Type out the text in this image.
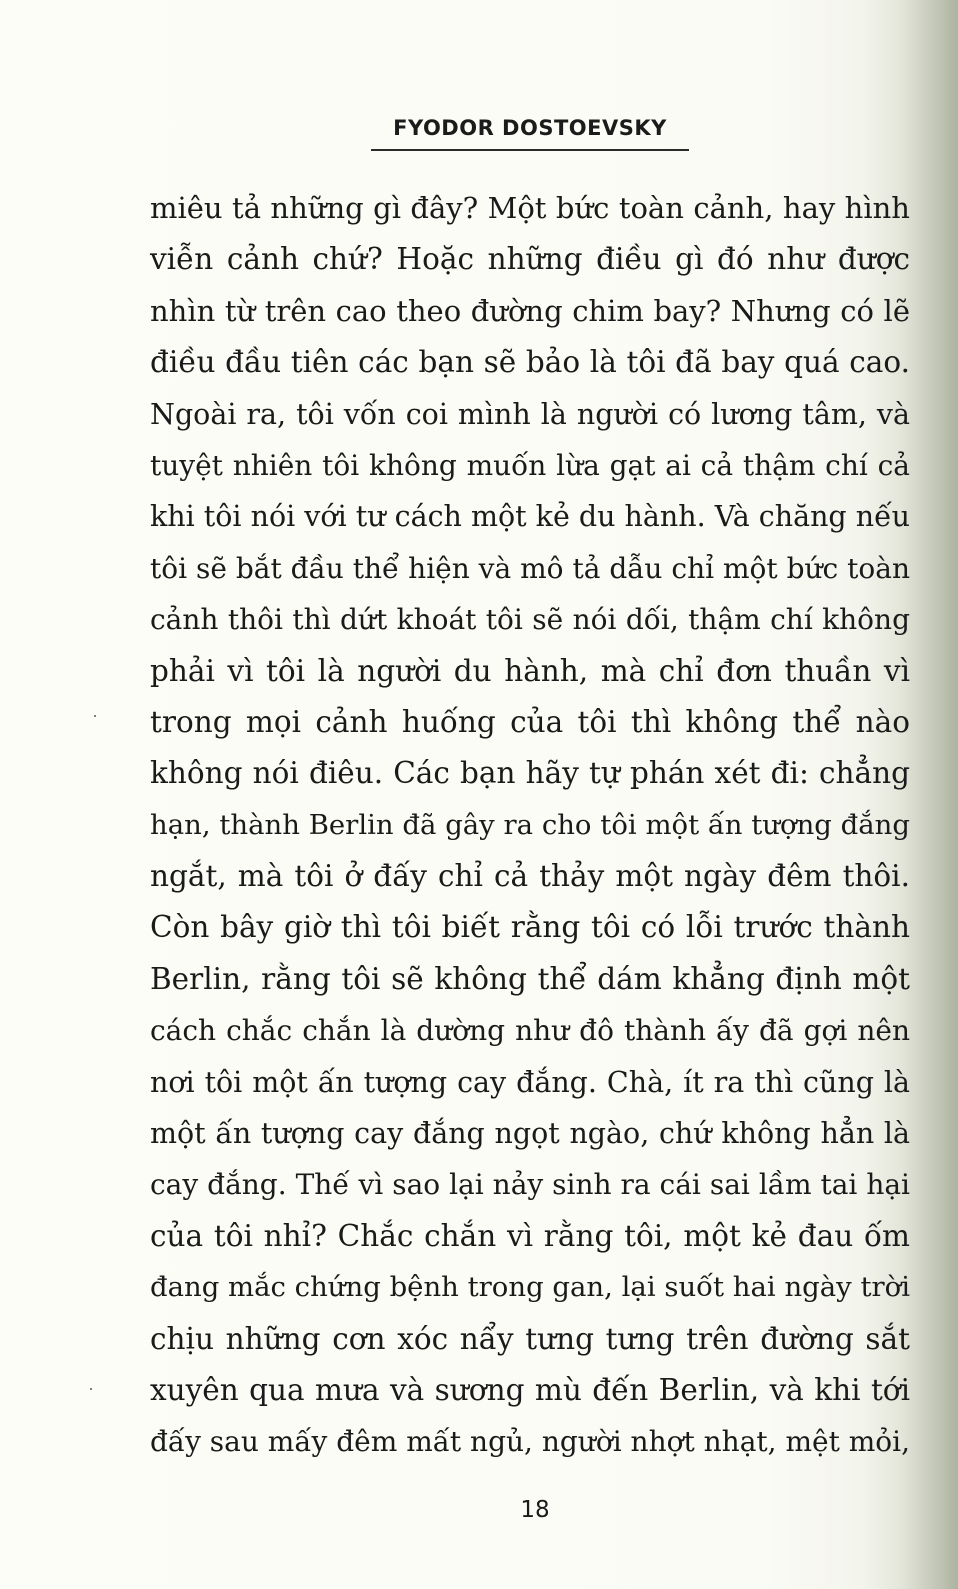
FYODOR DOSTOEVSKY
miêu tả những gì đây? Một bức toàn cảnh, hay hình
viễn cảnh chứ? Hoặc những điều gì đó như được
nhìn từ trên cao theo đường chim bay? Nhưng có lẽ
điều đầu tiên các bạn sẽ bảo là tôi đã bay quá cao.
Ngoài ra, tôi vốn coi mình là người có lương tâm, và
tuyệt nhiên tôi không muốn lừa gạt ai cả thậm chí cả
khi tôi nói với tư cách một kẻ du hành. Và chăng nếu
tôi sẽ bắt đầu thể hiện và mô tả dẫu chỉ một bức toàn
cảnh thôi thì dứt khoát tôi sẽ nói dối, thậm chí không
phải vì tôi là người du hành, mà chỉ đơn thuần vì
trong mọi cảnh huống của tôi thì không thể nào
không nói điêu. Các bạn hãy tự phán xét đi: chẳng
hạn, thành Berlin đã gây ra cho tôi một ấn tượng đắng
ngắt, mà tôi ở đấy chỉ cả thảy một ngày đêm thôi.
Còn bây giờ thì tôi biết rằng tôi có lỗi trước thành
Berlin, rằng tôi sẽ không thể dám khẳng định một
cách chắc chắn là dường như đô thành ấy đã gợi nên
nơi tôi một ấn tượng cay đắng. Chà, ít ra thì cũng là
một ấn tượng cay đắng ngọt ngào, chứ không hẳn là
cay đắng. Thế vì sao lại nảy sinh ra cái sai lầm tai hại
của tôi nhỉ? Chắc chắn vì rằng tôi, một kẻ đau ốm
đang mắc chứng bệnh trong gan, lại suốt hai ngày trời
chịu những cơn xóc nẩy tưng tưng trên đường sắt
xuyên qua mưa và sương mù đến Berlin, và khi tới
đấy sau mấy đêm mất ngủ, người nhợt nhạt, mệt mỏi,
18
